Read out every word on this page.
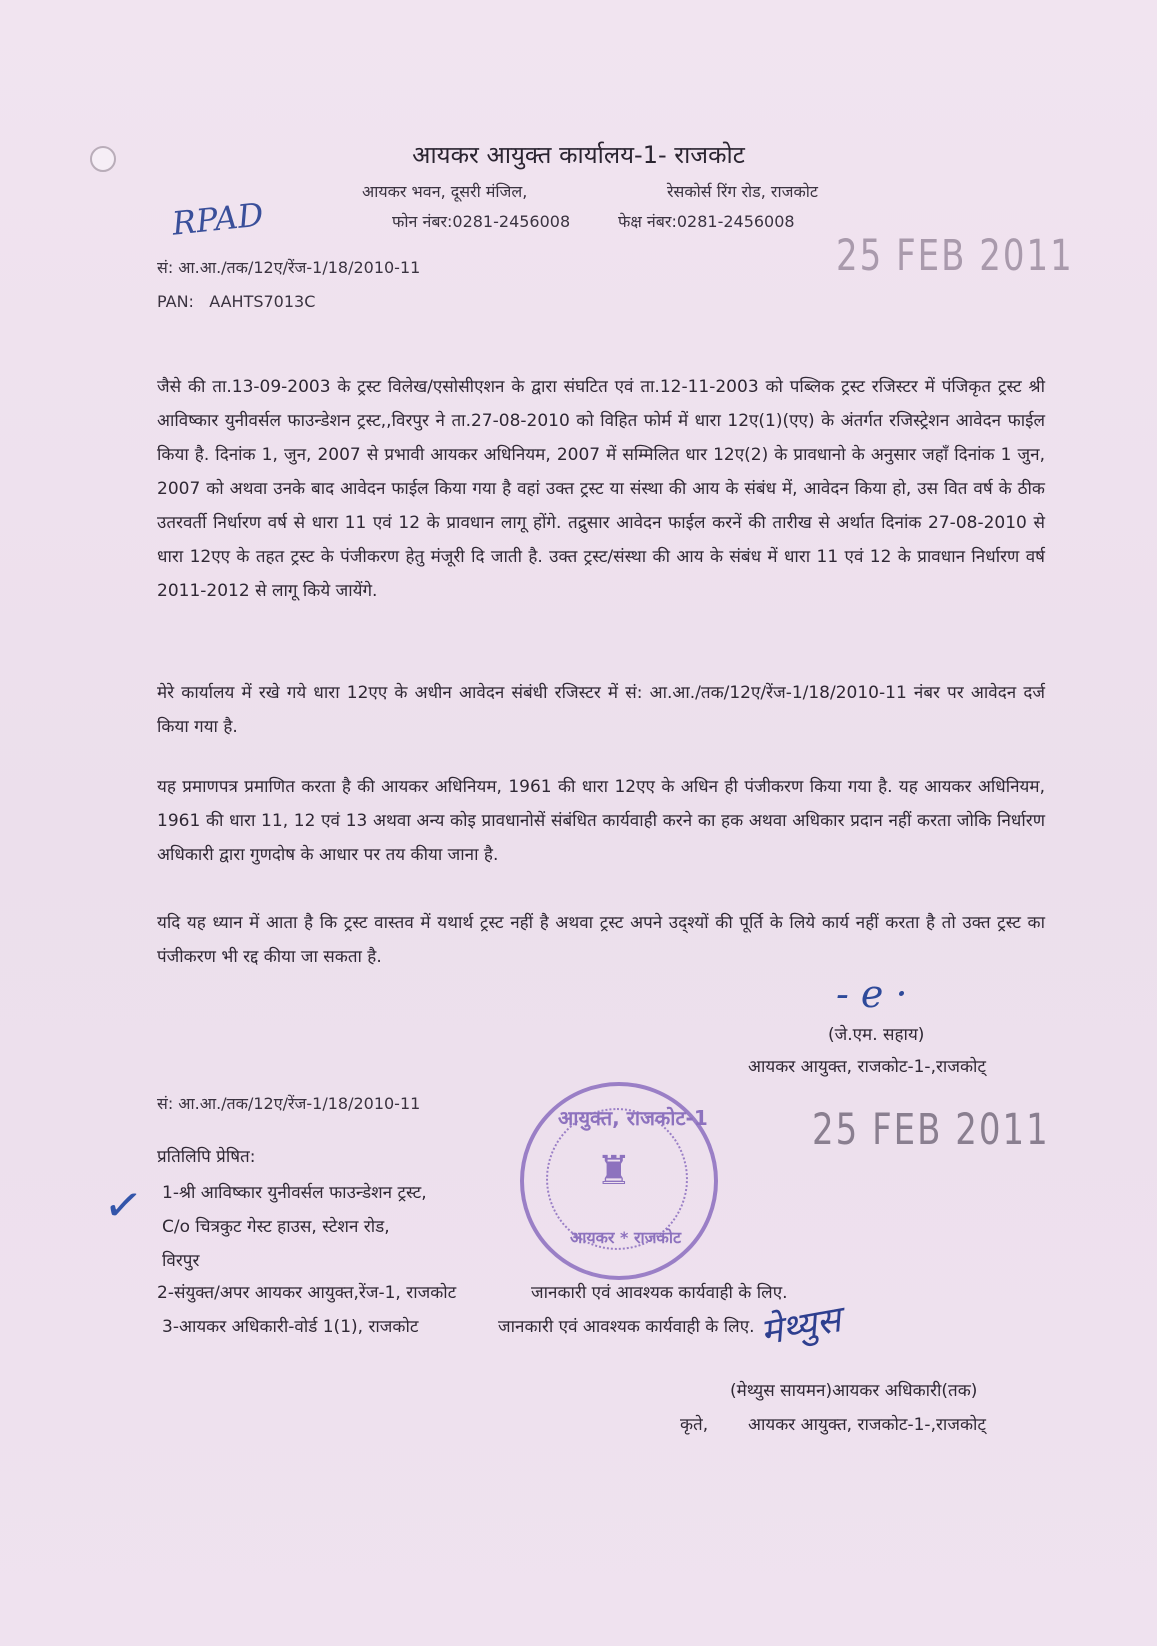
आयकर आयुक्त कार्यालय-1- राजकोट
आयकर भवन, दूसरी मंजिल,	रेसकोर्स रिंग रोड, राजकोट
फोन नंबर:0281-2456008	फेक्ष नंबर:0281-2456008
RPAD
25 FEB 2011
सं: आ.आ./तक/12ए/रेंज-1/18/2010-11
PAN: AAHTS7013C
जैसे की ता.13-09-2003 के ट्रस्ट विलेख/एसोसीएशन के द्वारा संघटित एवं ता.12-11-2003 को पब्लिक ट्रस्ट रजिस्टर में पंजिकृत ट्रस्ट श्री आविष्कार युनीवर्सल फाउन्डेशन ट्रस्ट,,विरपुर ने ता.27-08-2010 को विहित फोर्म में धारा 12ए(1)(एए) के अंतर्गत रजिस्ट्रेशन आवेदन फाईल किया है. दिनांक 1, जुन, 2007 से प्रभावी आयकर अधिनियम, 2007 में सम्मिलित धार 12ए(2) के प्रावधानो के अनुसार जहाँ दिनांक 1 जुन, 2007 को अथवा उनके बाद आवेदन फाईल किया गया है वहां उक्त ट्रस्ट या संस्था की आय के संबंध में, आवेदन किया हो, उस वित वर्ष के ठीक उतरवर्ती निर्धारण वर्ष से धारा 11 एवं 12 के प्रावधान लागू होंगे. तद्रुसार आवेदन फाईल करनें की तारीख से अर्थात दिनांक 27-08-2010 से धारा 12एए के तहत ट्रस्ट के पंजीकरण हेतु मंजूरी दि जाती है. उक्त ट्रस्ट/संस्था की आय के संबंध में धारा 11 एवं 12 के प्रावधान निर्धारण वर्ष 2011-2012 से लागू किये जायेंगे.
मेरे कार्यालय में रखे गये धारा 12एए के अधीन आवेदन संबंधी रजिस्टर में सं: आ.आ./तक/12ए/रेंज-1/18/2010-11 नंबर पर आवेदन दर्ज किया गया है.
यह प्रमाणपत्र प्रमाणित करता है की आयकर अधिनियम, 1961 की धारा 12एए के अधिन ही पंजीकरण किया गया है. यह आयकर अधिनियम, 1961 की धारा 11, 12 एवं 13 अथवा अन्य कोइ प्रावधानोसें संबंधित कार्यवाही करने का हक अथवा अधिकार प्रदान नहीं करता जोकि निर्धारण अधिकारी द्वारा गुणदोष के आधार पर तय कीया जाना है.
यदि यह ध्यान में आता है कि ट्रस्ट वास्तव में यथार्थ ट्रस्ट नहीं है अथवा ट्रस्ट अपने उद्श्यों की पूर्ति के लिये कार्य नहीं करता है तो उक्त ट्रस्ट का पंजीकरण भी रद्द कीया जा सकता है.
- e ·
(जे.एम. सहाय)
आयकर आयुक्त, राजकोट-1-,राजकोट्
सं: आ.आ./तक/12ए/रेंज-1/18/2010-11
25 FEB 2011
आयुक्त, राजकोट-1
आयकर * राजकोट
♜
प्रतिलिपि प्रेषित:
✓ 1-श्री आविष्कार युनीवर्सल फाउन्डेशन ट्रस्ट,
C/o चित्रकुट गेस्ट हाउस, स्टेशन रोड,
विरपुर
2-संयुक्त/अपर आयकर आयुक्त,रेंज-1, राजकोट	जानकारी एवं आवश्यक कार्यवाही के लिए.
3-आयकर अधिकारी-वोर्ड 1(1), राजकोट	जानकारी एवं आवश्यक कार्यवाही के लिए. मेथ्युस
(मेथ्युस सायमन)आयकर अधिकारी(तक)
कृते, आयकर आयुक्त, राजकोट-1-,राजकोट्
